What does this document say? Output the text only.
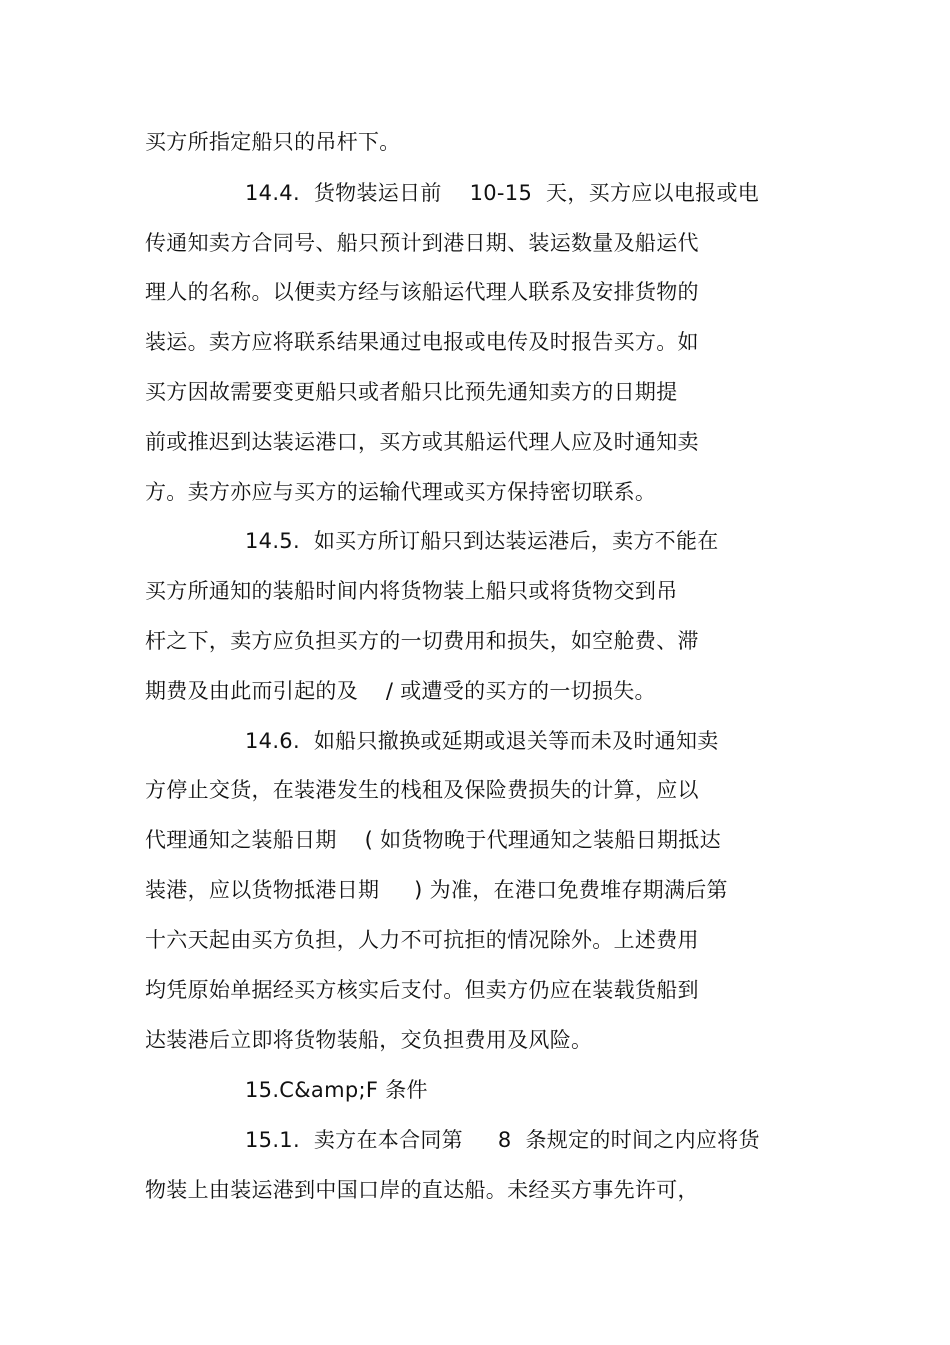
买方所指定船只的吊杆下。
14.4.  货物装运日前    10-15  天，买方应以电报或电
传通知卖方合同号、船只预计到港日期、装运数量及船运代
理人的名称。以便卖方经与该船运代理人联系及安排货物的
装运。卖方应将联系结果通过电报或电传及时报告买方。如
买方因故需要变更船只或者船只比预先通知卖方的日期提
前或推迟到达装运港口，买方或其船运代理人应及时通知卖
方。卖方亦应与买方的运输代理或买方保持密切联系。
14.5.  如买方所订船只到达装运港后，卖方不能在
买方所通知的装船时间内将货物装上船只或将货物交到吊
杆之下，卖方应负担买方的一切费用和损失，如空舱费、滞
期费及由此而引起的及    / 或遭受的买方的一切损失。
14.6.  如船只撤换或延期或退关等而未及时通知卖
方停止交货，在装港发生的栈租及保险费损失的计算，应以
代理通知之装船日期    ( 如货物晚于代理通知之装船日期抵达
装港，应以货物抵港日期     ) 为准，在港口免费堆存期满后第
十六天起由买方负担，人力不可抗拒的情况除外。上述费用
均凭原始单据经买方核实后支付。但卖方仍应在装载货船到
达装港后立即将货物装船，交负担费用及风险。
15.C&amp;F 条件
15.1.  卖方在本合同第     8  条规定的时间之内应将货
物装上由装运港到中国口岸的直达船。未经买方事先许可，
